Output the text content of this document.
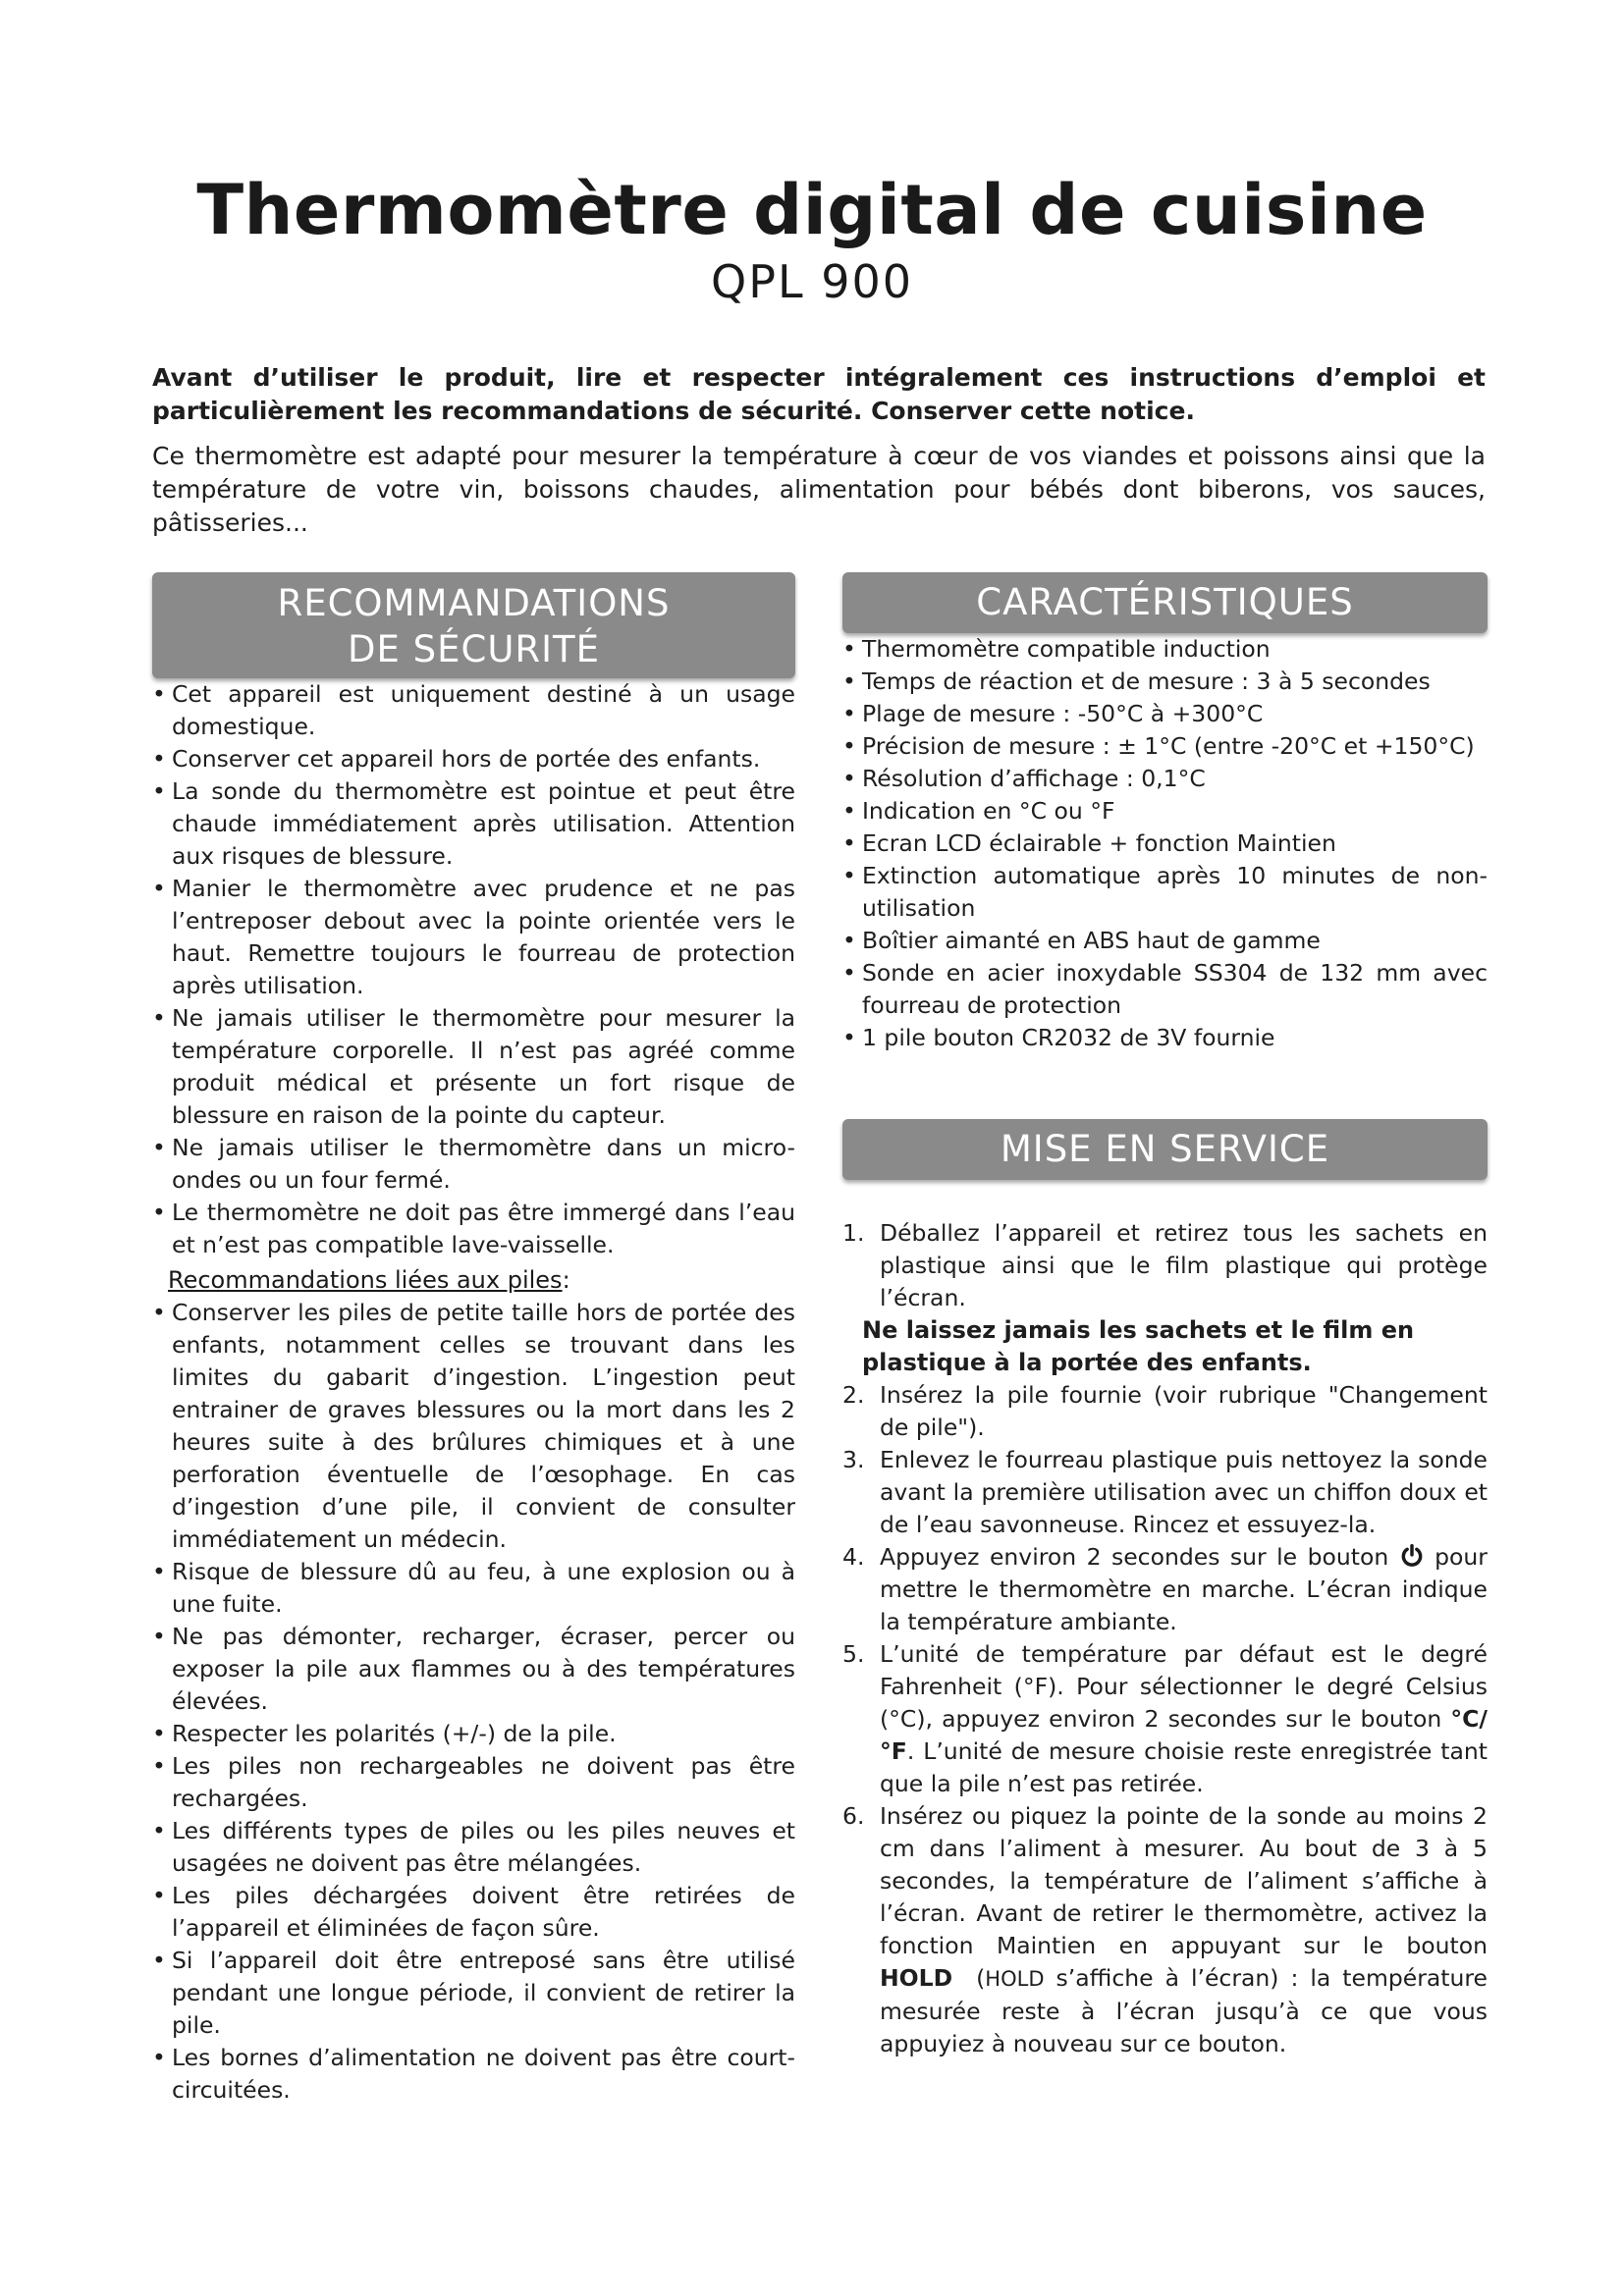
Thermomètre digital de cuisine
QPL 900

Avant d’utiliser le produit, lire et respecter intégralement ces instructions d’emploi et particulièrement les recommandations de sécurité. Conserver cette notice.

Ce thermomètre est adapté pour mesurer la température à cœur de vos viandes et poissons ainsi que la température de votre vin, boissons chaudes, alimentation pour bébés dont biberons, vos sauces, pâtisseries...

RECOMMANDATIONS
DE SÉCURITÉ
• Cet appareil est uniquement destiné à un usage domestique.
• Conserver cet appareil hors de portée des enfants.
• La sonde du thermomètre est pointue et peut être chaude immédiatement après utilisation. Attention aux risques de blessure.
• Manier le thermomètre avec prudence et ne pas l’entreposer debout avec la pointe orientée vers le haut. Remettre toujours le fourreau de protection après utilisation.
• Ne jamais utiliser le thermomètre pour mesurer la température corporelle. Il n’est pas agréé comme produit médical et présente un fort risque de blessure en raison de la pointe du capteur.
• Ne jamais utiliser le thermomètre dans un micro-ondes ou un four fermé.
• Le thermomètre ne doit pas être immergé dans l’eau et n’est pas compatible lave-vaisselle.
Recommandations liées aux piles:
• Conserver les piles de petite taille hors de portée des enfants, notamment celles se trouvant dans les limites du gabarit d’ingestion. L’ingestion peut entrainer de graves blessures ou la mort dans les 2 heures suite à des brûlures chimiques et à une perforation éventuelle de l’œsophage. En cas d’ingestion d’une pile, il convient de consulter immédiatement un médecin.
• Risque de blessure dû au feu, à une explosion ou à une fuite.
• Ne pas démonter, recharger, écraser, percer ou exposer la pile aux flammes ou à des températures élevées.
• Respecter les polarités (+/-) de la pile.
• Les piles non rechargeables ne doivent pas être rechargées.
• Les différents types de piles ou les piles neuves et usagées ne doivent pas être mélangées.
• Les piles déchargées doivent être retirées de l’appareil et éliminées de façon sûre.
• Si l’appareil doit être entreposé sans être utilisé pendant une longue période, il convient de retirer la pile.
• Les bornes d’alimentation ne doivent pas être court-circuitées.
CARACTÉRISTIQUES
• Thermomètre compatible induction
• Temps de réaction et de mesure : 3 à 5 secondes
• Plage de mesure : -50°C à +300°C
• Précision de mesure : ± 1°C (entre -20°C et +150°C)
• Résolution d’affichage : 0,1°C
• Indication en °C ou °F
• Ecran LCD éclairable + fonction Maintien
• Extinction automatique après 10 minutes de non-utilisation
• Boîtier aimanté en ABS haut de gamme
• Sonde en acier inoxydable SS304 de 132 mm avec fourreau de protection
• 1 pile bouton CR2032 de 3V fournie
MISE EN SERVICE
1. Déballez l’appareil et retirez tous les sachets en plastique ainsi que le film plastique qui protège l’écran.

Ne laissez jamais les sachets et le film en plastique à la portée des enfants.

2. Insérez la pile fournie (voir rubrique "Changement de pile").
3. Enlevez le fourreau plastique puis nettoyez la sonde avant la première utilisation avec un chiffon doux et de l’eau savonneuse. Rincez et essuyez-la.
4. Appuyez environ 2 secondes sur le bouton  pour mettre le thermomètre en marche. L’écran indique la température ambiante.
5. L’unité de température par défaut est le degré Fahrenheit (°F). Pour sélectionner le degré Celsius (°C), appuyez environ 2 secondes sur le bouton °C/°F. L’unité de mesure choisie reste enregistrée tant que la pile n’est pas retirée.
6. Insérez ou piquez la pointe de la sonde au moins 2 cm dans l’aliment à mesurer. Au bout de 3 à 5 secondes, la température de l’aliment s’affiche à l’écran. Avant de retirer le thermomètre, activez la fonction Maintien en appuyant sur le bouton HOLD  (HOLD s’affiche à l’écran) : la température mesurée reste à l’écran jusqu’à ce que vous appuyiez à nouveau sur ce bouton.
